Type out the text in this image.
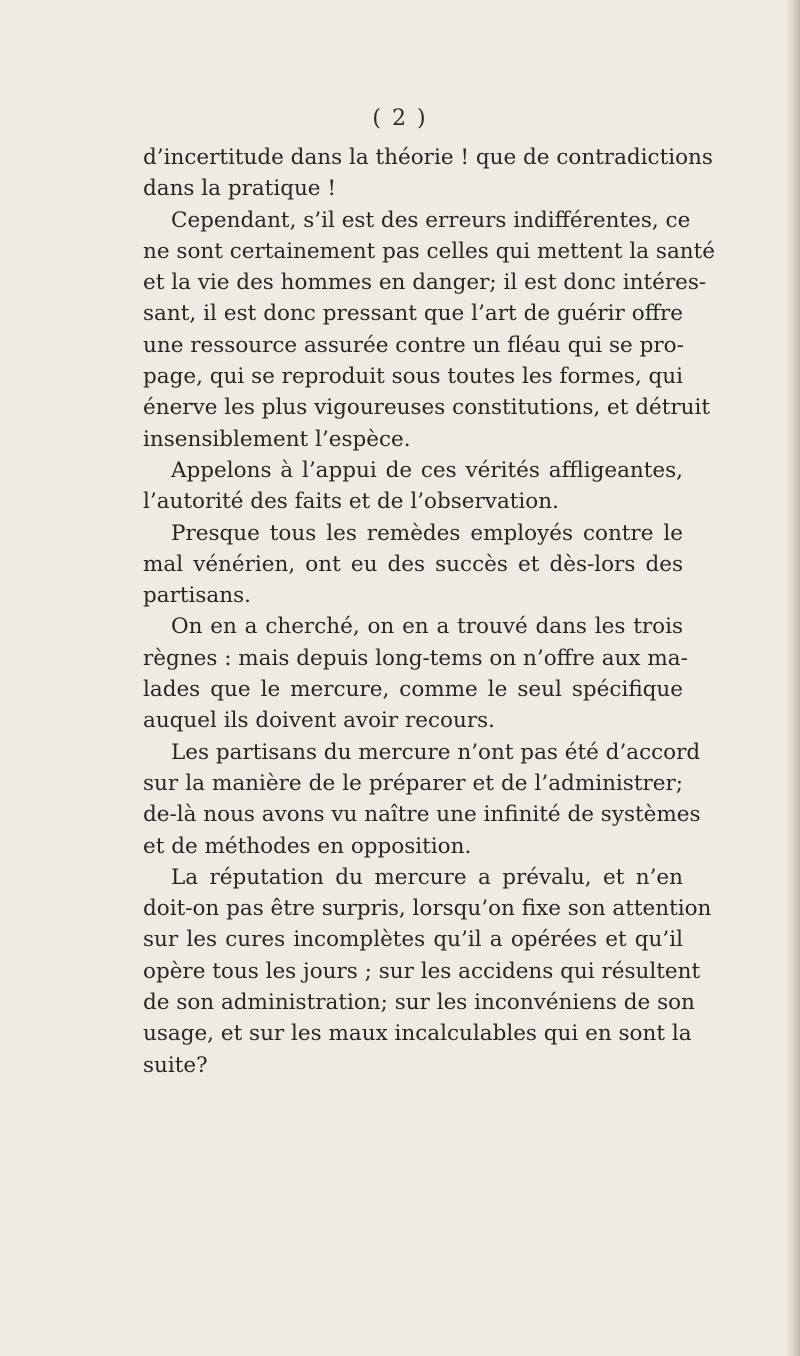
( 2 )
d’incertitude dans la théorie ! que de contradictions
dans la pratique !
Cependant, s’il est des erreurs indifférentes, ce
ne sont certainement pas celles qui mettent la santé
et la vie des hommes en danger; il est donc intéres-
sant, il est donc pressant que l’art de guérir offre
une ressource assurée contre un fléau qui se pro-
page, qui se reproduit sous toutes les formes, qui
énerve les plus vigoureuses constitutions, et détruit
insensiblement l’espèce.
Appelons à l’appui de ces vérités affligeantes,
l’autorité des faits et de l’observation.
Presque tous les remèdes employés contre le
mal vénérien, ont eu des succès et dès-lors des
partisans.
On en a cherché, on en a trouvé dans les trois
règnes : mais depuis long-tems on n’offre aux ma-
lades que le mercure, comme le seul spécifique
auquel ils doivent avoir recours.
Les partisans du mercure n’ont pas été d’accord
sur la manière de le préparer et de l’administrer;
de-là nous avons vu naître une infinité de systèmes
et de méthodes en opposition.
La réputation du mercure a prévalu, et n’en
doit-on pas être surpris, lorsqu’on fixe son attention
sur les cures incomplètes qu’il a opérées et qu’il
opère tous les jours ; sur les accidens qui résultent
de son administration; sur les inconvéniens de son
usage, et sur les maux incalculables qui en sont la
suite?
